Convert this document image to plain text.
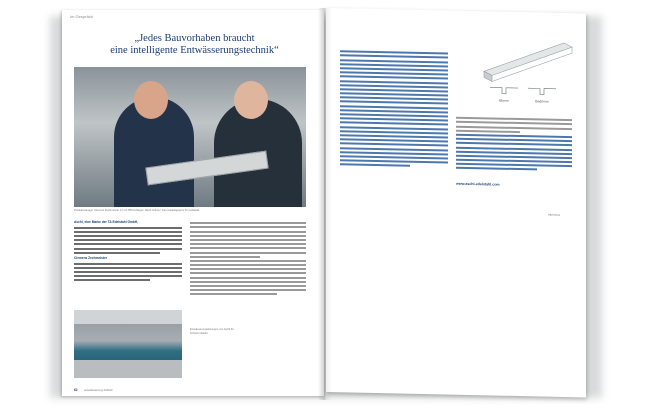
Im Gespräch
„Jedes Bauvorhaben braucht
eine intelligente Entwässerungstechnik“
Produktmanager Clemens Zechmeister (l.) mit TBS-Kollegen Jakob Hübner: Das Auslaufgesims für Gebäude
Aschl, eine Marke der TA Edelstahl GmbH,
Clemens Zechmeister
Entwässerungslösungen von Aschl für Schwimmbäder
62 entwässerung 2/2022
Ebene	Badrinne
www.aschl-edelstahl.com
Interview
